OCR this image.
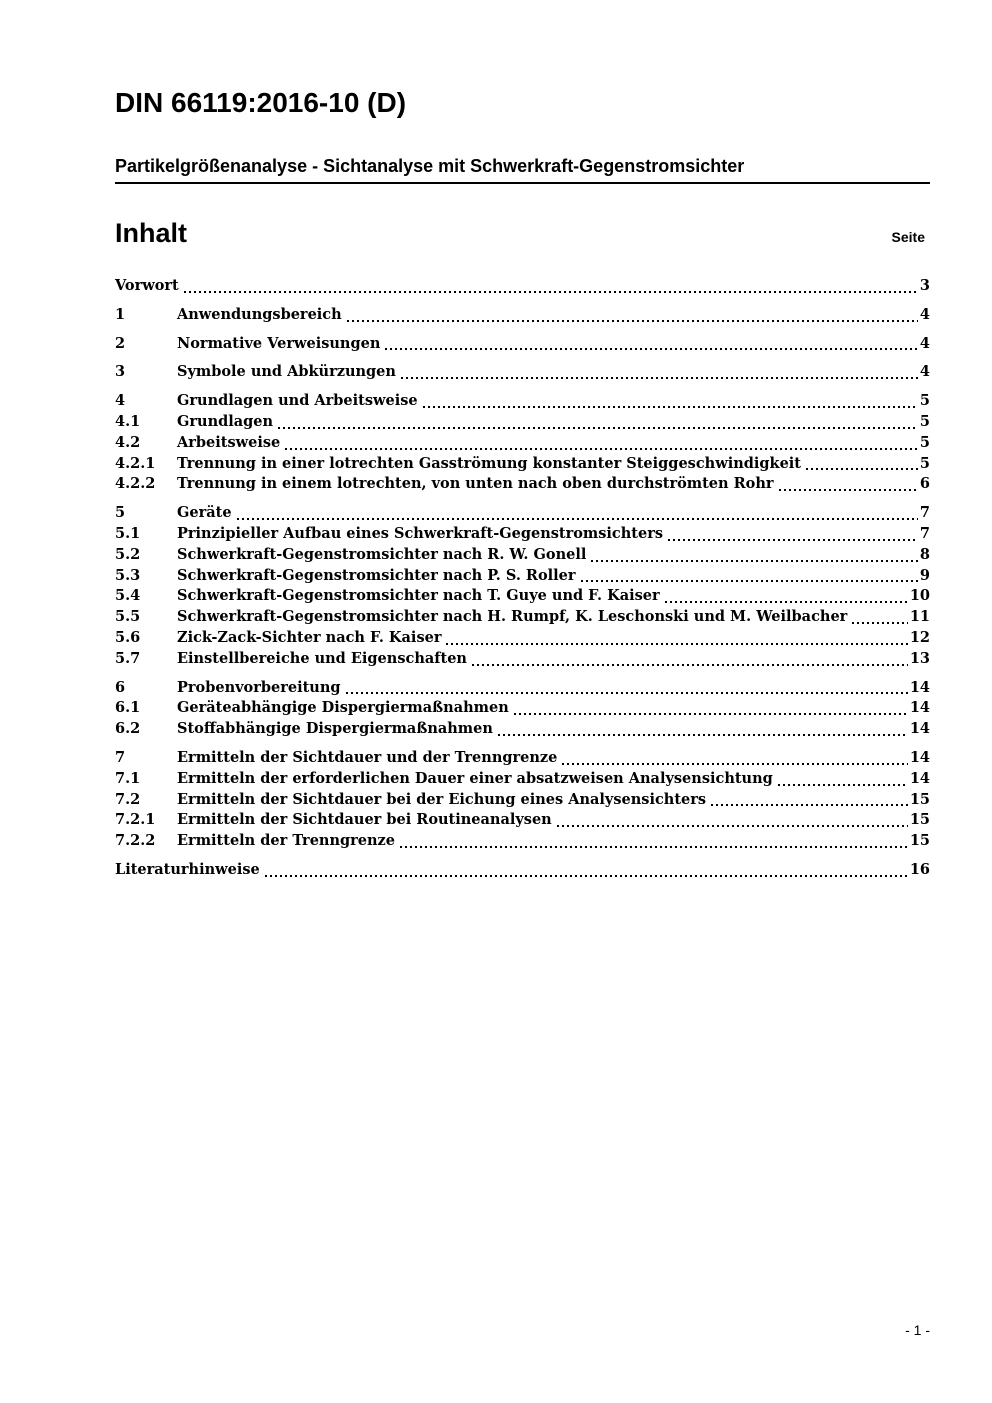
DIN 66119:2016-10 (D)
Partikelgrößenanalyse - Sichtanalyse mit Schwerkraft-Gegenstromsichter
Inhalt	Seite
Vorwort	3
1	Anwendungsbereich	4
2	Normative Verweisungen	4
3	Symbole und Abkürzungen	4
4	Grundlagen und Arbeitsweise	5
4.1	Grundlagen	5
4.2	Arbeitsweise	5
4.2.1	Trennung in einer lotrechten Gasströmung konstanter Steiggeschwindigkeit	5
4.2.2	Trennung in einem lotrechten, von unten nach oben durchströmten Rohr	6
5	Geräte	7
5.1	Prinzipieller Aufbau eines Schwerkraft-Gegenstromsichters	7
5.2	Schwerkraft-Gegenstromsichter nach R. W. Gonell	8
5.3	Schwerkraft-Gegenstromsichter nach P. S. Roller	9
5.4	Schwerkraft-Gegenstromsichter nach T. Guye und F. Kaiser	10
5.5	Schwerkraft-Gegenstromsichter nach H. Rumpf, K. Leschonski und M. Weilbacher	11
5.6	Zick-Zack-Sichter nach F. Kaiser	12
5.7	Einstellbereiche und Eigenschaften	13
6	Probenvorbereitung	14
6.1	Geräteabhängige Dispergiermaßnahmen	14
6.2	Stoffabhängige Dispergiermaßnahmen	14
7	Ermitteln der Sichtdauer und der Trenngrenze	14
7.1	Ermitteln der erforderlichen Dauer einer absatzweisen Analysensichtung	14
7.2	Ermitteln der Sichtdauer bei der Eichung eines Analysensichters	15
7.2.1	Ermitteln der Sichtdauer bei Routineanalysen	15
7.2.2	Ermitteln der Trenngrenze	15
Literaturhinweise	16
- 1 -
